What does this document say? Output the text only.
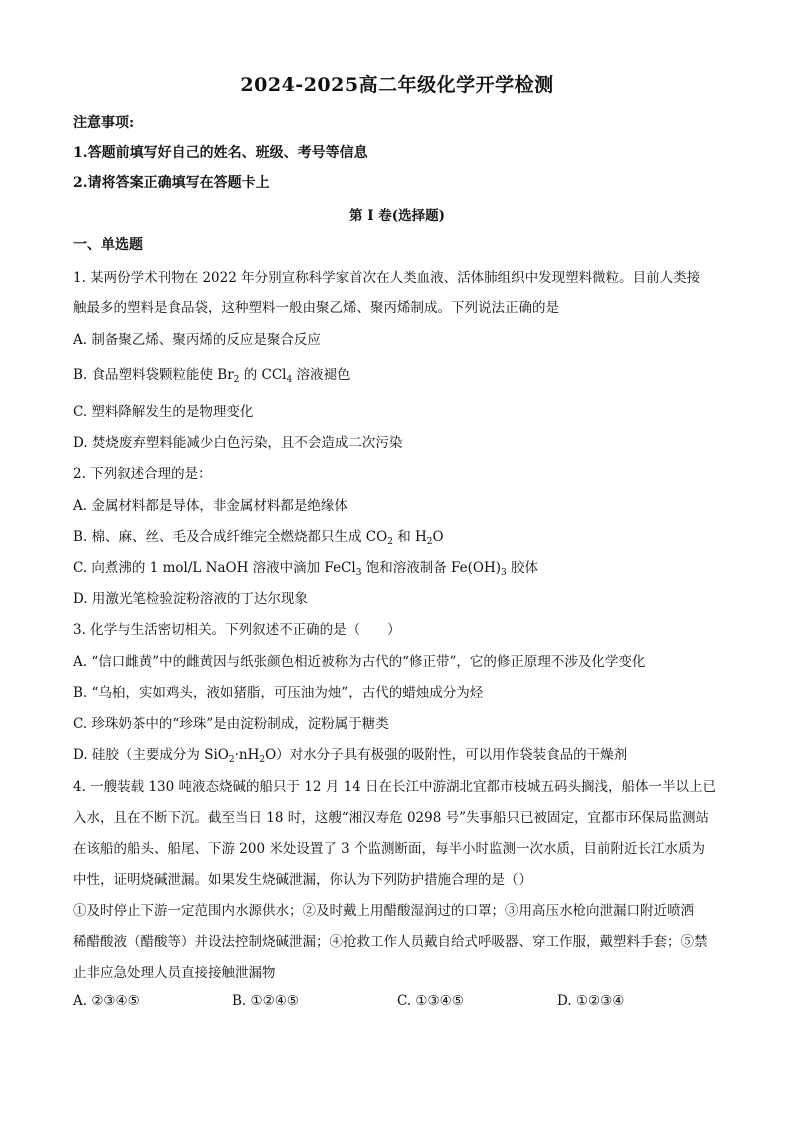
2024-2025高二年级化学开学检测
注意事项:
1.答题前填写好自己的姓名、班级、考号等信息
2.请将答案正确填写在答题卡上
第 I 卷(选择题)
一、单选题
1. 某两份学术刊物在 2022 年分别宣称科学家首次在人类血液、活体肺组织中发现塑料微粒。目前人类接
触最多的塑料是食品袋，这种塑料一般由聚乙烯、聚丙烯制成。下列说法正确的是
A. 制备聚乙烯、聚丙烯的反应是聚合反应
B. 食品塑料袋颗粒能使 $Br_2$ 的 CCl$_4$ 溶液褪色
C. 塑料降解发生的是物理变化
D. 焚烧废弃塑料能减少白色污染，且不会造成二次污染
2. 下列叙述合理的是：
A. 金属材料都是导体，非金属材料都是绝缘体
B. 棉、麻、丝、毛及合成纤维完全燃烧都只生成 $CO_2$ 和 $H_2O$
C. 向煮沸的 1 mol/L NaOH 溶液中滴加 FeCl$_3$ 饱和溶液制备 $Fe(OH)_3$ 胶体
D. 用激光笔检验淀粉溶液的丁达尔现象
3. 化学与生活密切相关。下列叙述不正确的是（　　）
A. “信口雌黄”中的雌黄因与纸张颜色相近被称为古代的“修正带”，它的修正原理不涉及化学变化
B. “乌桕，实如鸡头，液如猪脂，可压油为烛”，古代的蜡烛成分为烃
C. 珍珠奶茶中的“珍珠”是由淀粉制成，淀粉属于糖类
D. 硅胶（主要成分为 $SiO_2\cdot nH_2O$）对水分子具有极强的吸附性，可以用作袋装食品的干燥剂
4. 一艘装载 130 吨液态烧碱的船只于 12 月 14 日在长江中游湖北宜都市枝城五码头搁浅，船体一半以上已
入水，且在不断下沉。截至当日 18 时，这艘“湘汉寿危 0298 号”失事船只已被固定，宜都市环保局监测站
在该船的船头、船尾、下游 200 米处设置了 3 个监测断面，每半小时监测一次水质，目前附近长江水质为
中性，证明烧碱泄漏。如果发生烧碱泄漏，你认为下列防护措施合理的是（）
①及时停止下游一定范围内水源供水；②及时戴上用醋酸湿润过的口罩；③用高压水枪向泄漏口附近喷洒
稀醋酸液（醋酸等）并设法控制烧碱泄漏；④抢救工作人员戴自给式呼吸器、穿工作服，戴塑料手套；⑤禁
止非应急处理人员直接接触泄漏物
A. ②③④⑤	B. ①②④⑤	C. ①③④⑤	D. ①②③④
